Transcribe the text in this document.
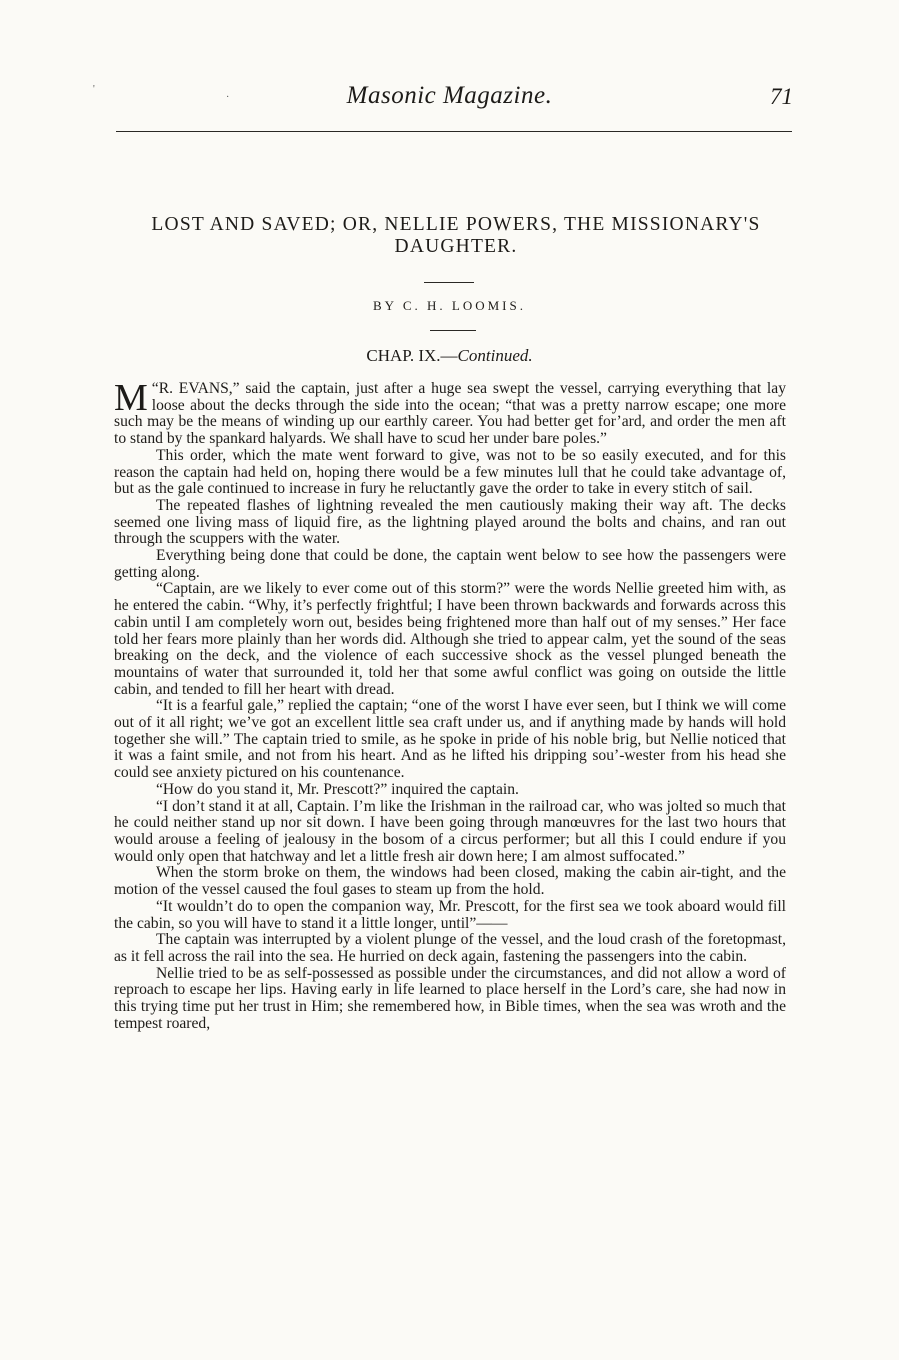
Masonic Magazine.	71
LOST AND SAVED; OR, NELLIE POWERS, THE MISSIONARY'S DAUGHTER.
BY C. H. LOOMIS.
CHAP. IX.—Continued.

“
M R. EVANS,” said the captain, just after a huge sea swept the vessel, carrying everything that lay loose about the decks through the side into the ocean; “that was a pretty narrow escape; one more such may be the means of winding up our earthly career. You had better get for’ard, and order the men aft to stand by the spankard halyards. We shall have to scud her under bare poles.”

This order, which the mate went forward to give, was not to be so easily executed, and for this reason the captain had held on, hoping there would be a few minutes lull that he could take advantage of, but as the gale continued to increase in fury he reluctantly gave the order to take in every stitch of sail.

The repeated flashes of lightning revealed the men cautiously making their way aft. The decks seemed one living mass of liquid fire, as the lightning played around the bolts and chains, and ran out through the scuppers with the water.

Everything being done that could be done, the captain went below to see how the passengers were getting along.

“Captain, are we likely to ever come out of this storm?” were the words Nellie greeted him with, as he entered the cabin. “Why, it’s perfectly frightful; I have been thrown backwards and forwards across this cabin until I am completely worn out, besides being frightened more than half out of my senses.” Her face told her fears more plainly than her words did. Although she tried to appear calm, yet the sound of the seas breaking on the deck, and the violence of each successive shock as the vessel plunged beneath the mountains of water that surrounded it, told her that some awful conflict was going on outside the little cabin, and tended to fill her heart with dread.

“It is a fearful gale,” replied the captain; “one of the worst I have ever seen, but I think we will come out of it all right; we’ve got an excellent little sea craft under us, and if anything made by hands will hold together she will.” The captain tried to smile, as he spoke in pride of his noble brig, but Nellie noticed that it was a faint smile, and not from his heart. And as he lifted his dripping sou’-wester from his head she could see anxiety pictured on his countenance.

“How do you stand it, Mr. Prescott?” inquired the captain.

“I don’t stand it at all, Captain. I’m like the Irishman in the railroad car, who was jolted so much that he could neither stand up nor sit down. I have been going through manœuvres for the last two hours that would arouse a feeling of jealousy in the bosom of a circus performer; but all this I could endure if you would only open that hatchway and let a little fresh air down here; I am almost suffocated.”

When the storm broke on them, the windows had been closed, making the cabin air-tight, and the motion of the vessel caused the foul gases to steam up from the hold.

“It wouldn’t do to open the companion way, Mr. Prescott, for the first sea we took aboard would fill the cabin, so you will have to stand it a little longer, until”——

The captain was interrupted by a violent plunge of the vessel, and the loud crash of the foretopmast, as it fell across the rail into the sea. He hurried on deck again, fastening the passengers into the cabin.

Nellie tried to be as self-possessed as possible under the circumstances, and did not allow a word of reproach to escape her lips. Having early in life learned to place herself in the Lord’s care, she had now in this trying time put her trust in Him; she remembered how, in Bible times, when the sea was wroth and the tempest roared,

'
·
